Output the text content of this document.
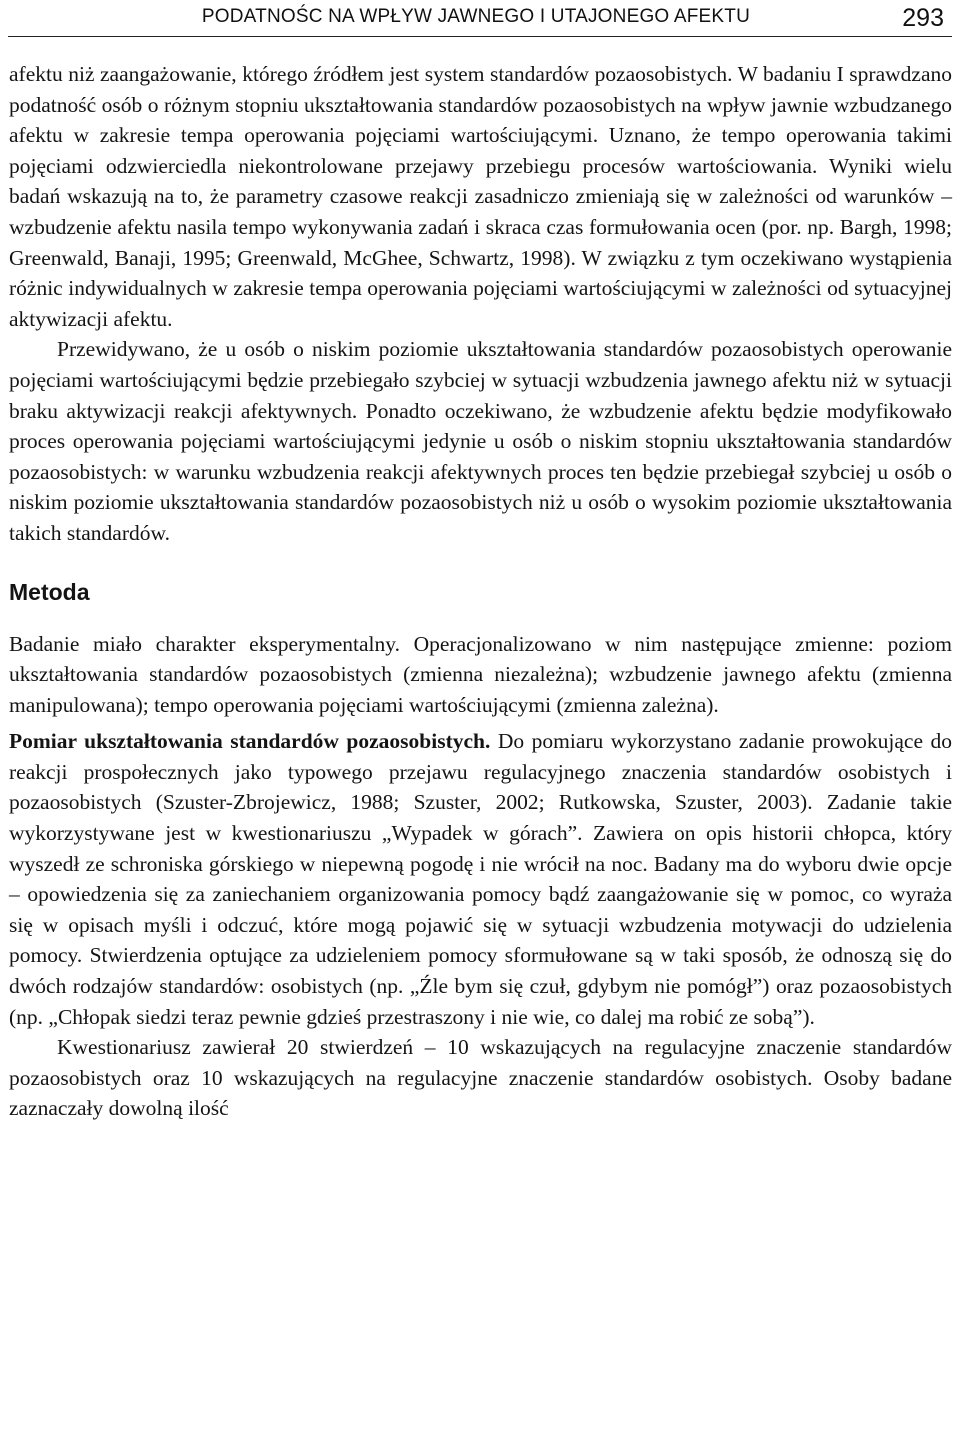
PODATNOŚC NA WPŁYW JAWNEGO I UTAJONEGO AFEKTU	293

afektu niż zaangażowanie, którego źródłem jest system standardów pozaosobistych. W badaniu I sprawdzano podatność osób o różnym stopniu ukształtowania standardów pozaosobistych na wpływ jawnie wzbudzanego afektu w zakresie tempa operowania pojęciami wartościującymi. Uznano, że tempo operowania takimi pojęciami odzwierciedla niekontrolowane przejawy przebiegu procesów wartościowania. Wyniki wielu badań wskazują na to, że parametry czasowe reakcji zasadniczo zmieniają się w zależności od warunków – wzbudzenie afektu nasila tempo wykonywania zadań i skraca czas formułowania ocen (por. np. Bargh, 1998; Greenwald, Banaji, 1995; Greenwald, McGhee, Schwartz, 1998). W związku z tym oczekiwano wystąpienia różnic indywidualnych w zakresie tempa operowania pojęciami wartościującymi w zależności od sytuacyjnej aktywizacji afektu.

Przewidywano, że u osób o niskim poziomie ukształtowania standardów pozaosobistych operowanie pojęciami wartościującymi będzie przebiegało szybciej w sytuacji wzbudzenia jawnego afektu niż w sytuacji braku aktywizacji reakcji afektywnych. Ponadto oczekiwano, że wzbudzenie afektu będzie modyfikowało proces operowania pojęciami wartościującymi jedynie u osób o niskim stopniu ukształtowania standardów pozaosobistych: w warunku wzbudzenia reakcji afektywnych proces ten będzie przebiegał szybciej u osób o niskim poziomie ukształtowania standardów pozaosobistych niż u osób o wysokim poziomie ukształtowania takich standardów.

Metoda

Badanie miało charakter eksperymentalny. Operacjonalizowano w nim następujące zmienne: poziom ukształtowania standardów pozaosobistych (zmienna niezależna); wzbudzenie jawnego afektu (zmienna manipulowana); tempo operowania pojęciami wartościującymi (zmienna zależna).

Pomiar ukształtowania standardów pozaosobistych. Do pomiaru wykorzystano zadanie prowokujące do reakcji prospołecznych jako typowego przejawu regulacyjnego znaczenia standardów osobistych i pozaosobistych (Szuster-Zbrojewicz, 1988; Szuster, 2002; Rutkowska, Szuster, 2003). Zadanie takie wykorzystywane jest w kwestionariuszu „Wypadek w górach”. Zawiera on opis historii chłopca, który wyszedł ze schroniska górskiego w niepewną pogodę i nie wrócił na noc. Badany ma do wyboru dwie opcje – opowiedzenia się za zaniechaniem organizowania pomocy bądź zaangażowanie się w pomoc, co wyraża się w opisach myśli i odczuć, które mogą pojawić się w sytuacji wzbudzenia motywacji do udzielenia pomocy. Stwierdzenia optujące za udzieleniem pomocy sformułowane są w taki sposób, że odnoszą się do dwóch rodzajów standardów: osobistych (np. „Źle bym się czuł, gdybym nie pomógł”) oraz pozaosobistych (np. „Chłopak siedzi teraz pewnie gdzieś przestraszony i nie wie, co dalej ma robić ze sobą”).

Kwestionariusz zawierał 20 stwierdzeń – 10 wskazujących na regulacyjne znaczenie standardów pozaosobistych oraz 10 wskazujących na regulacyjne znaczenie standardów osobistych. Osoby badane zaznaczały dowolną ilość
